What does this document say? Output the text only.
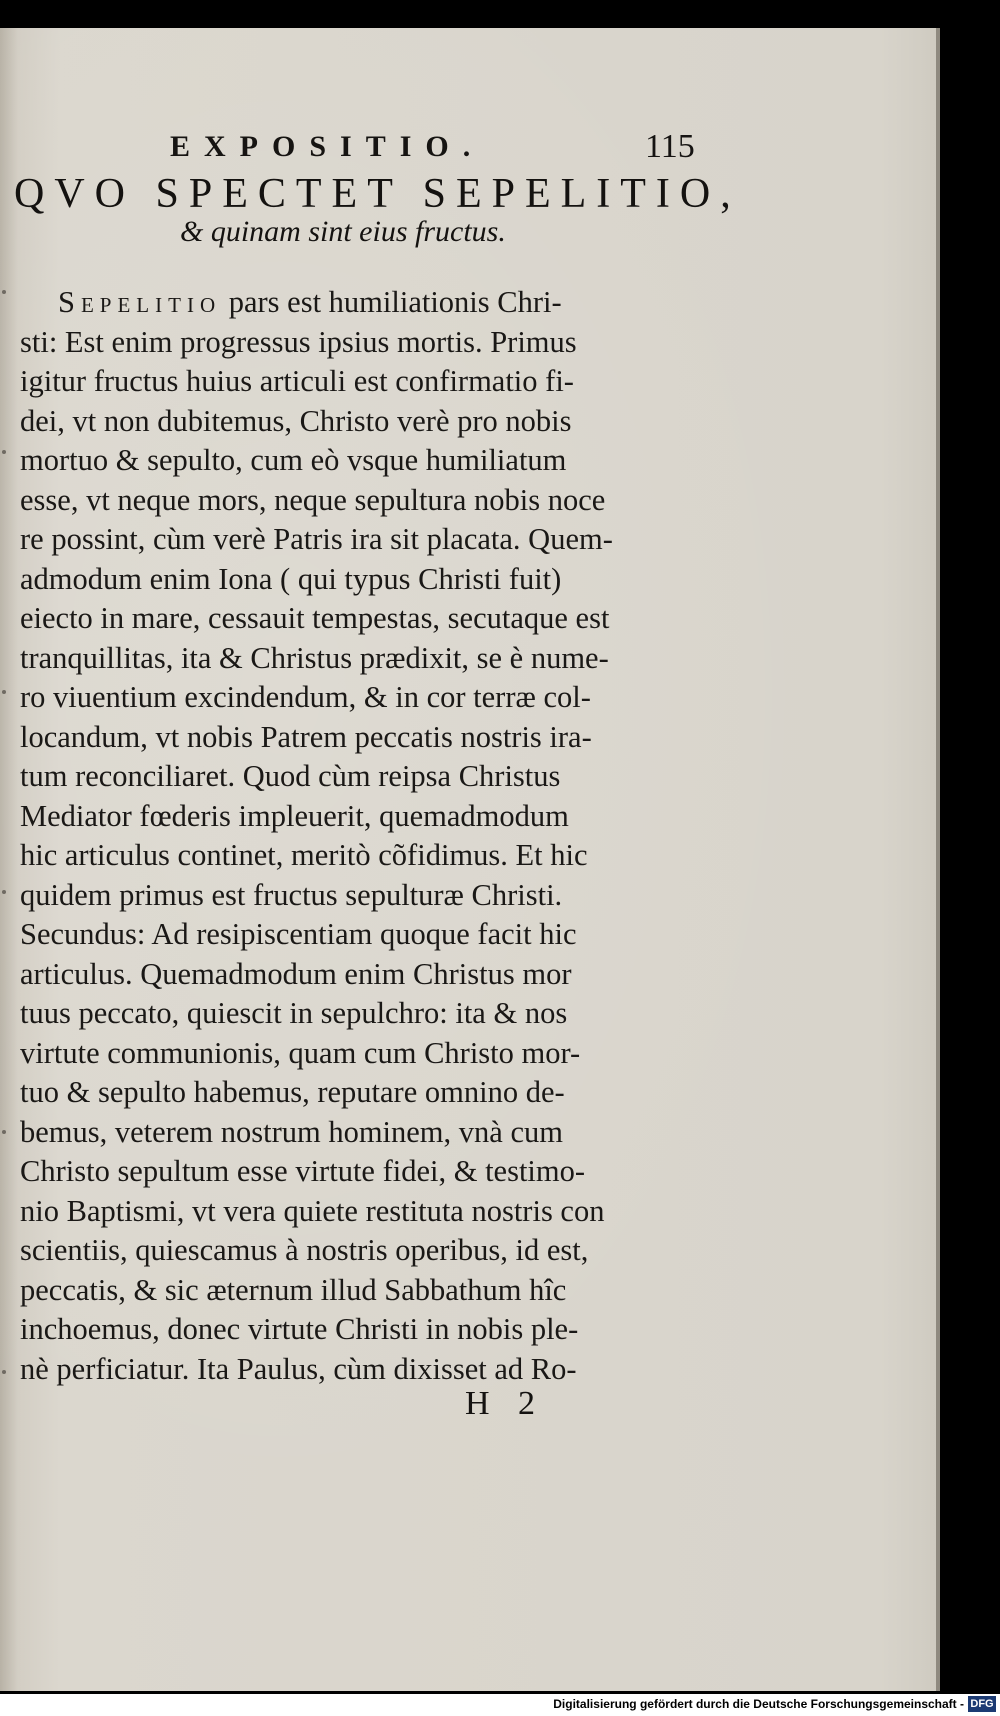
EXPOSITIO.	115
QVO SPECTET SEPELITIO,
& quinam sint eius fructus.
Sepelitio pars est humiliationis Chri-
sti: Est enim progressus ipsius mortis. Primus
igitur fructus huius articuli est confirmatio fi-
dei, vt non dubitemus, Christo verè pro nobis
mortuo & sepulto, cum eò vsque humiliatum
esse, vt neque mors, neque sepultura nobis noce
re possint, cùm verè Patris ira sit placata. Quem-
admodum enim Iona ( qui typus Christi fuit)
eiecto in mare, cessauit tempestas, secutaque est
tranquillitas, ita & Christus prædixit, se è nume-
ro viuentium excindendum, & in cor terræ col-
locandum, vt nobis Patrem peccatis nostris ira-
tum reconciliaret. Quod cùm reipsa Christus
Mediator fœderis impleuerit, quemadmodum
hic articulus continet, meritò cõfidimus. Et hic
quidem primus est fructus sepulturæ Christi.
Secundus: Ad resipiscentiam quoque facit hic
articulus. Quemadmodum enim Christus mor
tuus peccato, quiescit in sepulchro: ita & nos
virtute communionis, quam cum Christo mor-
tuo & sepulto habemus, reputare omnino de-
bemus, veterem nostrum hominem, vnà cum
Christo sepultum esse virtute fidei, & testimo-
nio Baptismi, vt vera quiete restituta nostris con
scientiis, quiescamus à nostris operibus, id est,
peccatis, & sic æternum illud Sabbathum hîc
inchoemus, donec virtute Christi in nobis ple-
nè perficiatur. Ita Paulus, cùm dixisset ad Ro-
H 2
Digitalisierung gefördert durch die Deutsche Forschungsgemeinschaft - DFG
